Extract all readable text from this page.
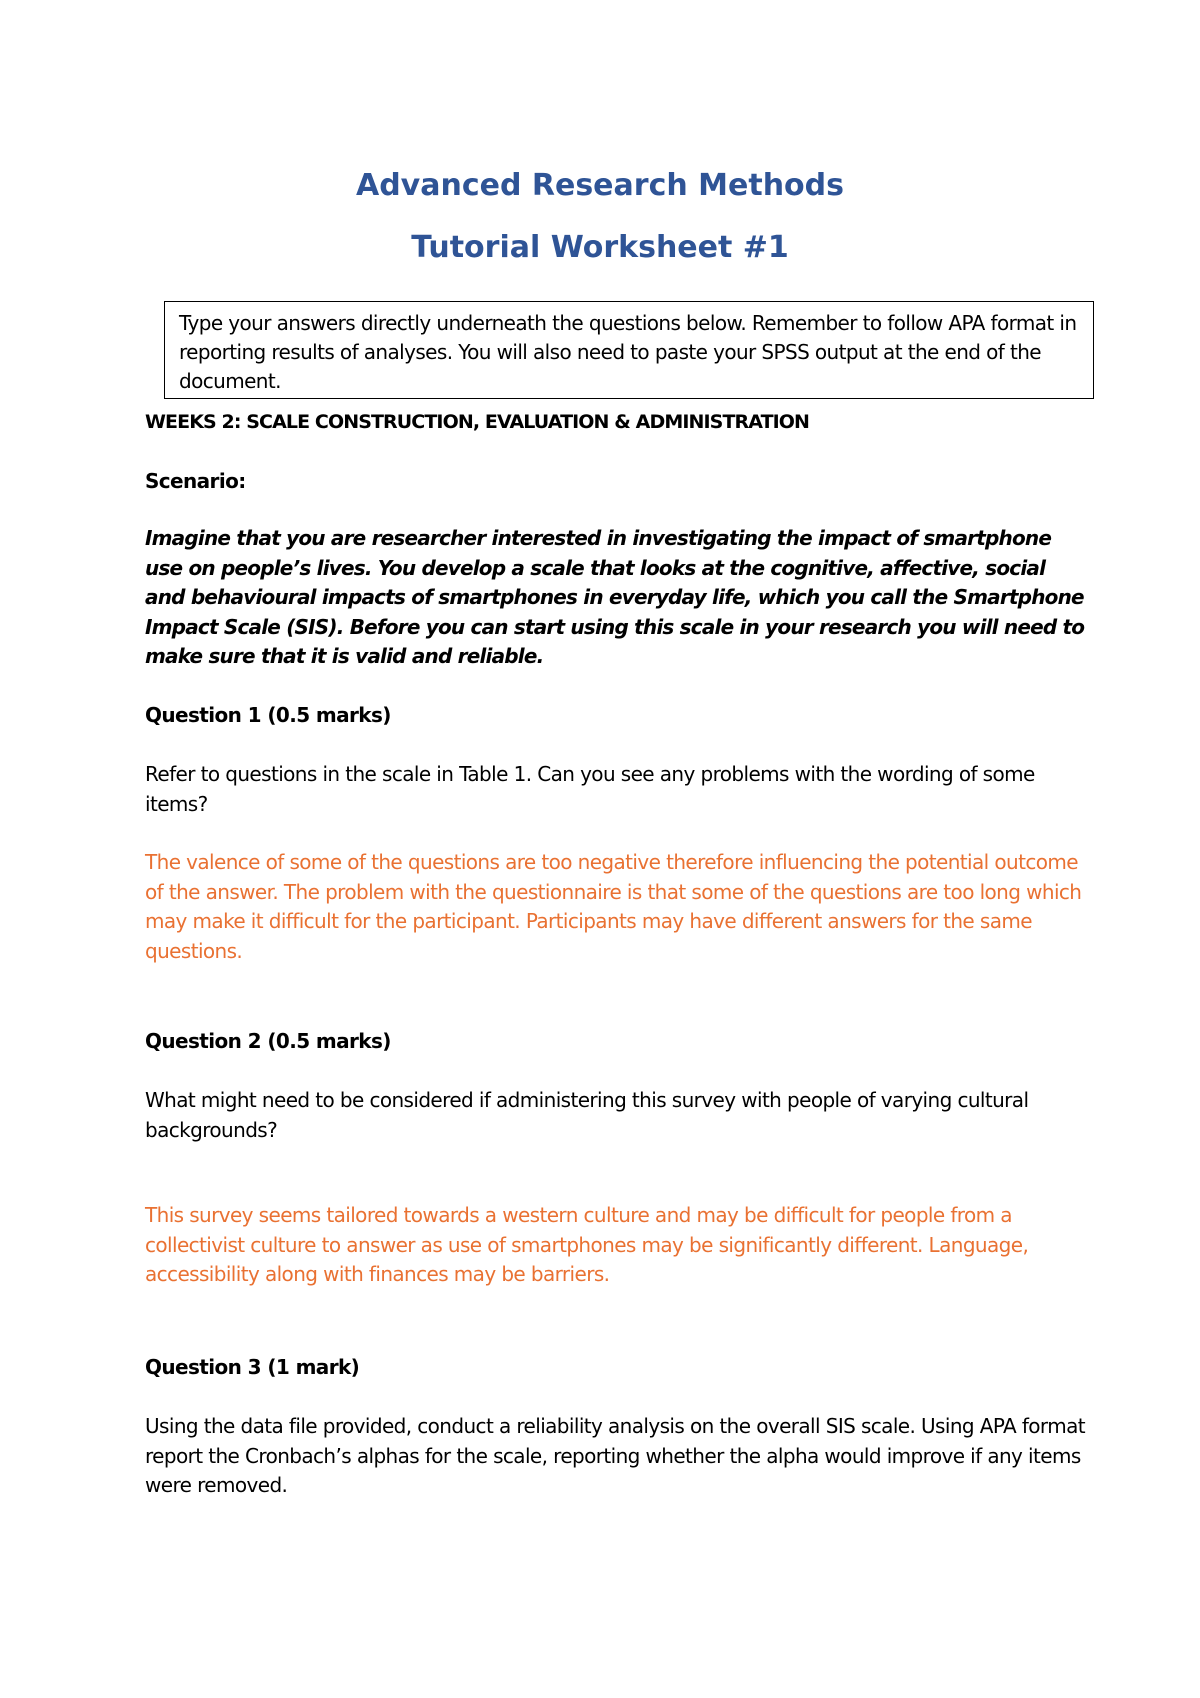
Advanced Research Methods
Tutorial Worksheet #1
Type your answers directly underneath the questions below. Remember to follow APA format in reporting results of analyses. You will also need to paste your SPSS output at the end of the document.

WEEKS 2: SCALE CONSTRUCTION, EVALUATION & ADMINISTRATION

Scenario:

Imagine that you are researcher interested in investigating the impact of smartphone use on people’s lives. You develop a scale that looks at the cognitive, affective, social and behavioural impacts of smartphones in everyday life, which you call the Smartphone Impact Scale (SIS). Before you can start using this scale in your research you will need to make sure that it is valid and reliable.

Question 1 (0.5 marks)

Refer to questions in the scale in Table 1. Can you see any problems with the wording of some items?

The valence of some of the questions are too negative therefore influencing the potential outcome of the answer. The problem with the questionnaire is that some of the questions are too long which may make it difficult for the participant. Participants may have different answers for the same questions.

Question 2 (0.5 marks)

What might need to be considered if administering this survey with people of varying cultural backgrounds?

This survey seems tailored towards a western culture and may be difficult for people from a collectivist culture to answer as use of smartphones may be significantly different. Language, accessibility along with finances may be barriers.

Question 3 (1 mark)

Using the data file provided, conduct a reliability analysis on the overall SIS scale. Using APA format report the Cronbach’s alphas for the scale, reporting whether the alpha would improve if any items were removed.
